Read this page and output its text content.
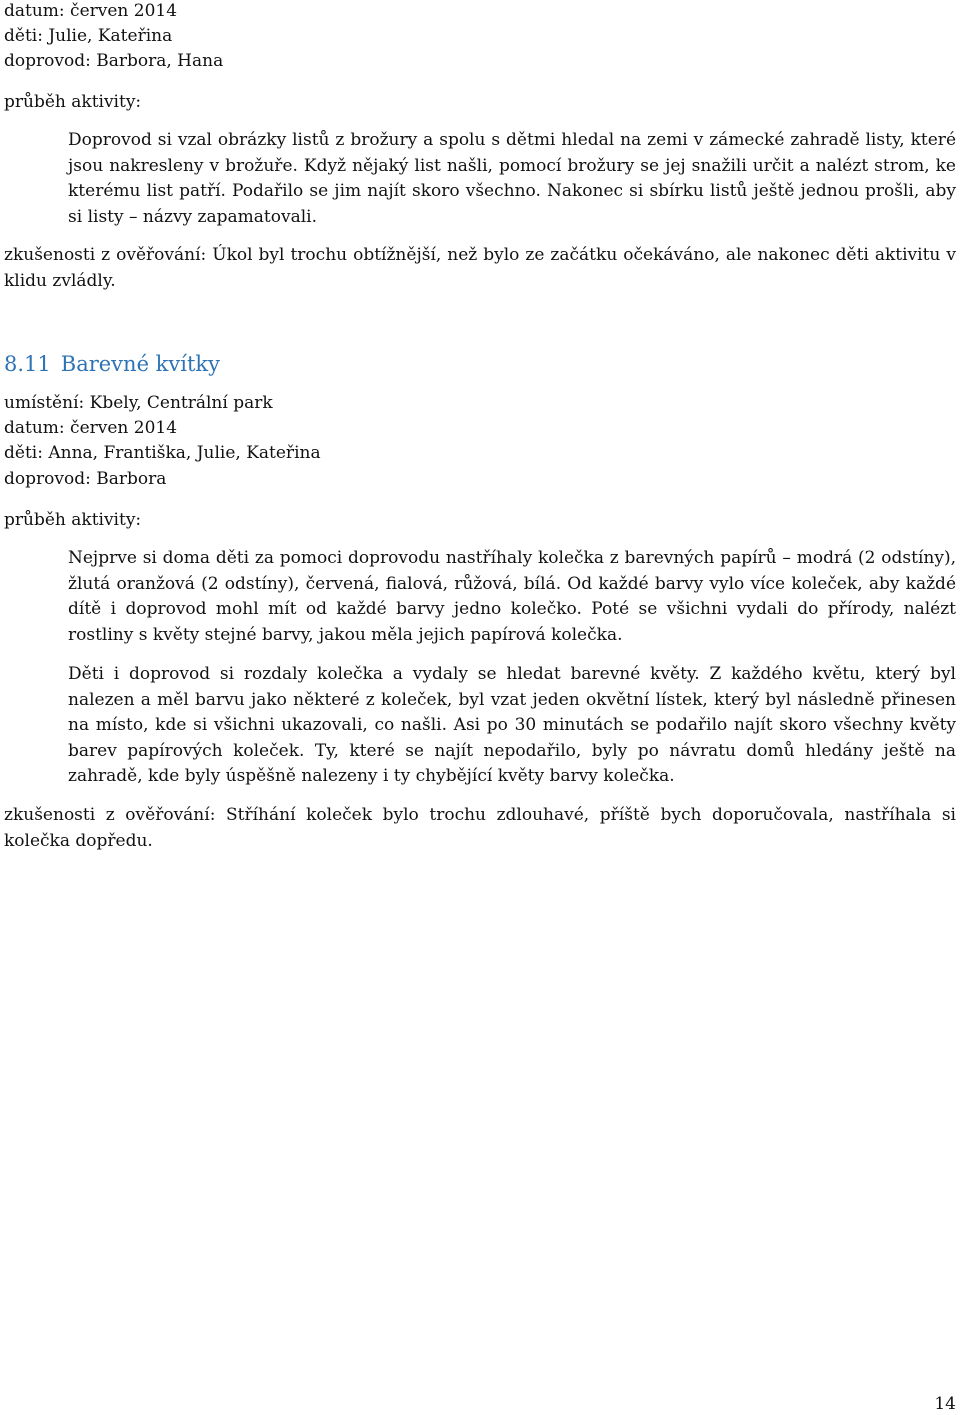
datum: červen 2014
děti: Julie, Kateřina
doprovod: Barbora, Hana
průběh aktivity:
Doprovod si vzal obrázky listů z brožury a spolu s dětmi hledal na zemi v zámecké zahradě listy, které jsou nakresleny v brožuře. Když nějaký list našli, pomocí brožury se jej snažili určit a nalézt strom, ke kterému list patří. Podařilo se jim najít skoro všechno. Nakonec si sbírku listů ještě jednou prošli, aby si listy – názvy zapamatovali.
zkušenosti z ověřování: Úkol byl trochu obtížnější, než bylo ze začátku očekáváno, ale nakonec děti aktivitu v klidu zvládly.
8.11 Barevné kvítky
umístění: Kbely, Centrální park
datum: červen 2014
děti: Anna, Františka, Julie, Kateřina
doprovod: Barbora
průběh aktivity:
Nejprve si doma děti za pomoci doprovodu nastříhaly kolečka z barevných papírů – modrá (2 odstíny), žlutá oranžová (2 odstíny), červená, fialová, růžová, bílá. Od každé barvy vylo více koleček, aby každé dítě i doprovod mohl mít od každé barvy jedno kolečko. Poté se všichni vydali do přírody, nalézt rostliny s květy stejné barvy, jakou měla jejich papírová kolečka.
Děti i doprovod si rozdaly kolečka a vydaly se hledat barevné květy. Z každého květu, který byl nalezen a měl barvu jako některé z koleček, byl vzat jeden okvětní lístek, který byl následně přinesen na místo, kde si všichni ukazovali, co našli. Asi po 30 minutách se podařilo najít skoro všechny květy barev papírových koleček. Ty, které se najít nepodařilo, byly po návratu domů hledány ještě na zahradě, kde byly úspěšně nalezeny i ty chybějící květy barvy kolečka.
zkušenosti z ověřování: Stříhání koleček bylo trochu zdlouhavé, příště bych doporučovala, nastříhala si kolečka dopředu.
14
